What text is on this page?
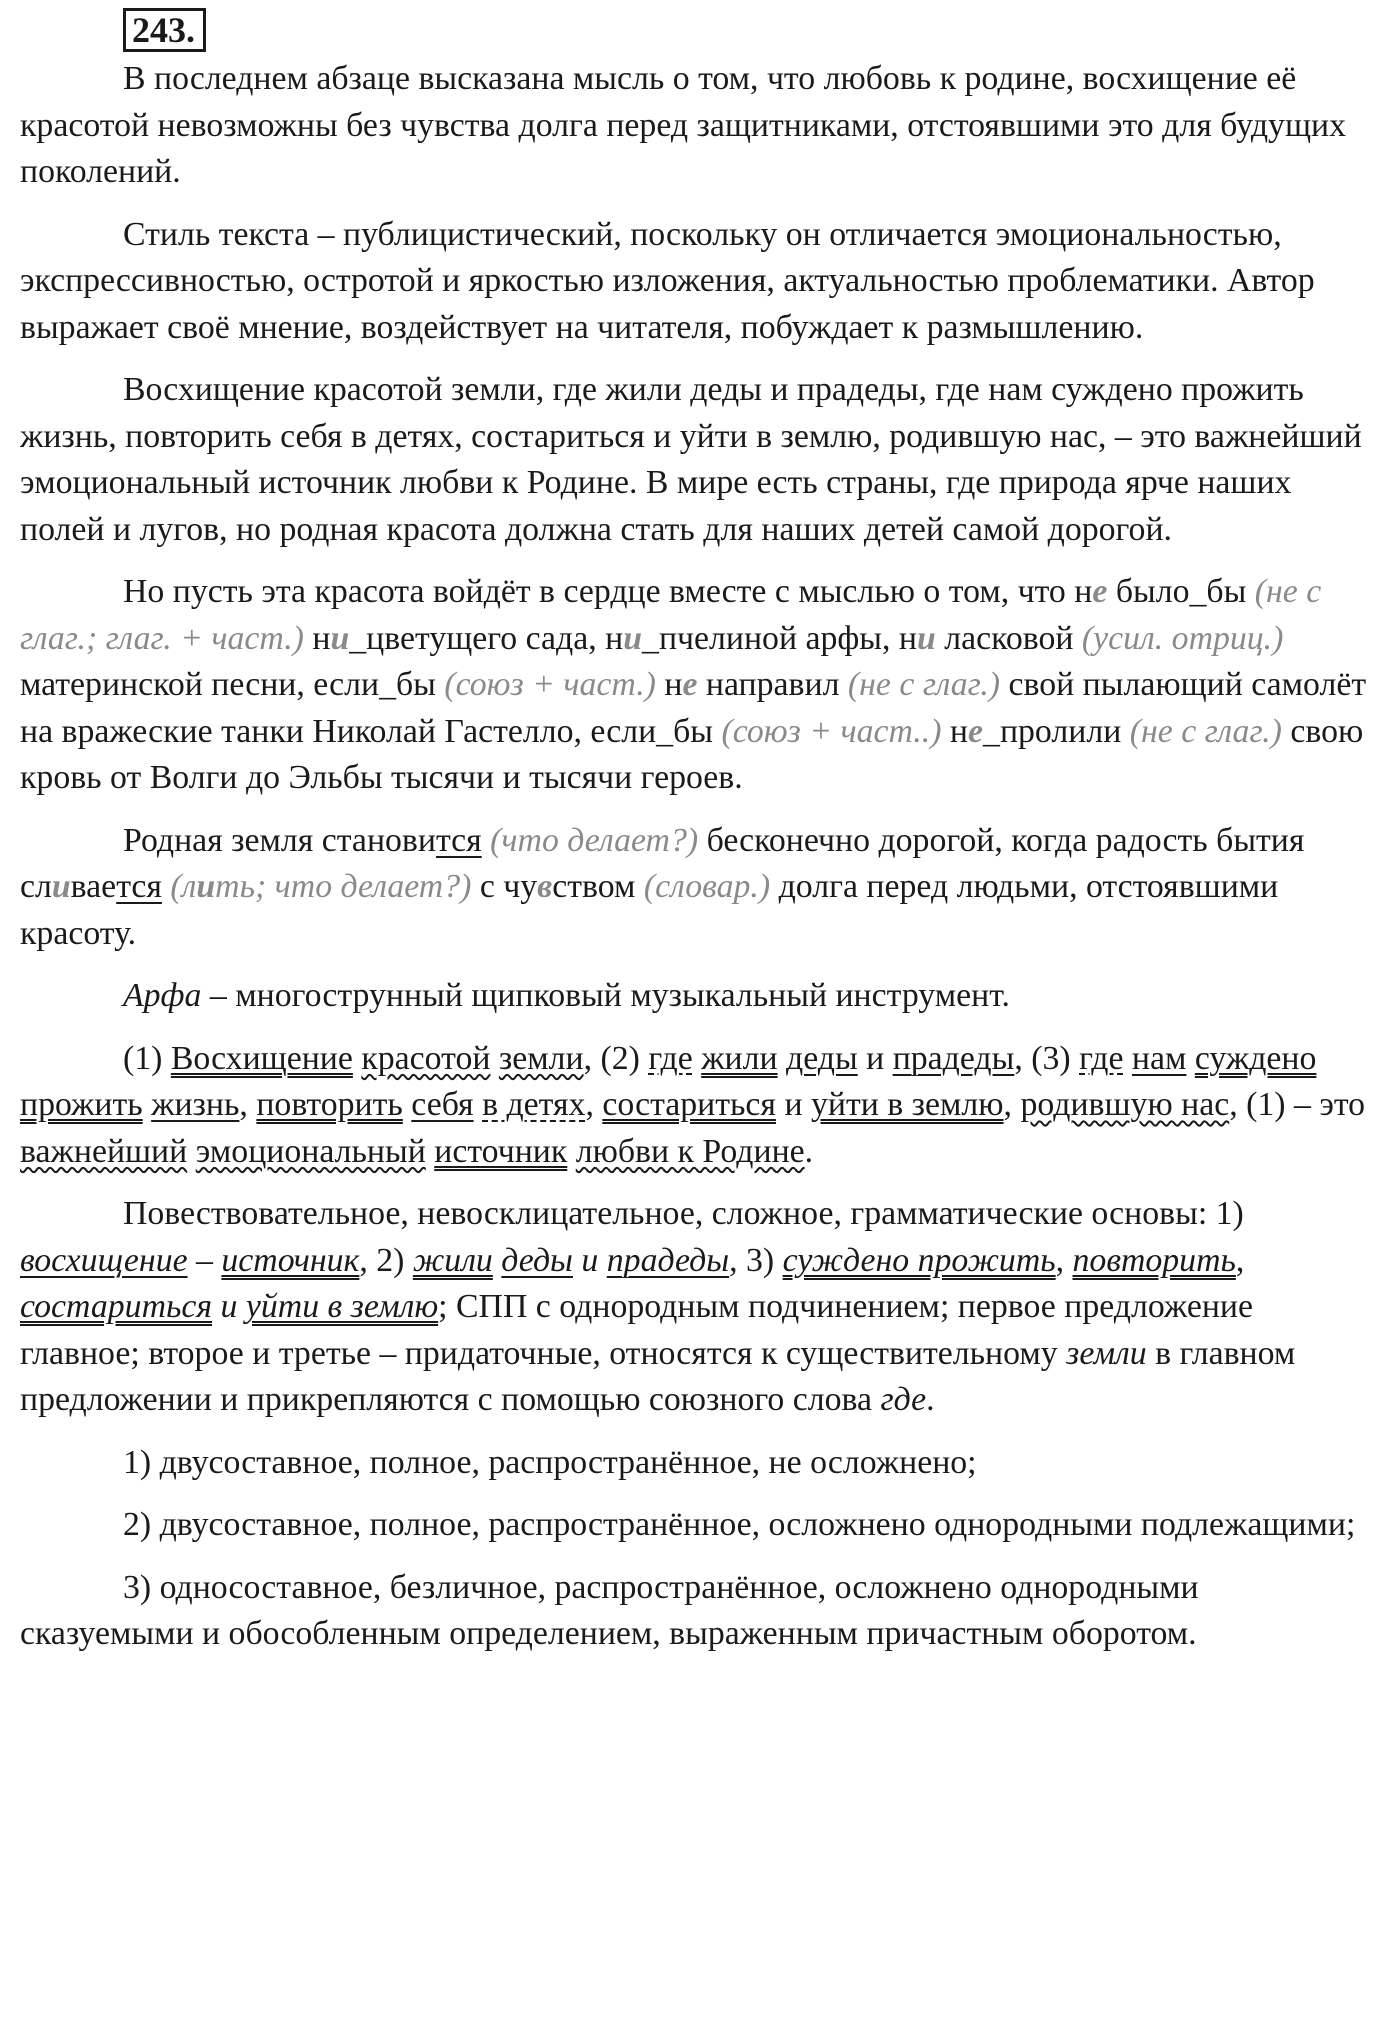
243.

В последнем абзаце высказана мысль о том, что любовь к родине, восхищение её красотой невозможны без чувства долга перед защитниками, отстоявшими это для будущих поколений.

Стиль текста – публицистический, поскольку он отличается эмоциональностью, экспрессивностью, остротой и яркостью изложения, актуальностью проблематики. Автор выражает своё мнение, воздействует на читателя, побуждает к размышлению.

Восхищение красотой земли, где жили деды и прадеды, где нам суждено прожить жизнь, повторить себя в детях, состариться и уйти в землю, родившую нас, – это важнейший эмоциональный источник любви к Родине. В мире есть страны, где природа ярче наших полей и лугов, но родная красота должна стать для наших детей самой дорогой.

Но пусть эта красота войдёт в сердце вместе с мыслью о том, что не было_бы (не с глаг.; глаг. + част.) ни_цветущего сада, ни_пчелиной арфы, ни ласковой (усил. отриц.) материнской песни, если_бы (союз + част.) не направил (не с глаг.) свой пылающий самолёт на вражеские танки Николай Гастелло, если_бы (союз + част..) не_пролили (не с глаг.) свою кровь от Волги до Эльбы тысячи и тысячи героев.

Родная земля становится (что делает?) бесконечно дорогой, когда радость бытия сливается (лить; что делает?) с чувством (словар.) долга перед людьми, отстоявшими красоту.

Арфа – многострунный щипковый музыкальный инструмент.

(1) Восхищение красотой земли, (2) где жили деды и прадеды, (3) где нам суждено прожить жизнь, повторить себя в детях, состариться и уйти в землю, родившую нас, (1) – это важнейший эмоциональный источник любви к Родине.

Повествовательное, невосклицательное, сложное, грамматические основы: 1) восхищение – источник, 2) жили деды и прадеды, 3) суждено прожить, повторить, состариться и уйти в землю; СПП с однородным подчинением; первое предложение главное; второе и третье – придаточные, относятся к существительному земли в главном предложении и прикрепляются с помощью союзного слова где.

1) двусоставное, полное, распространённое, не осложнено;

2) двусоставное, полное, распространённое, осложнено однородными подлежащими;

3) односоставное, безличное, распространённое, осложнено однородными сказуемыми и обособленным определением, выраженным причастным оборотом.
